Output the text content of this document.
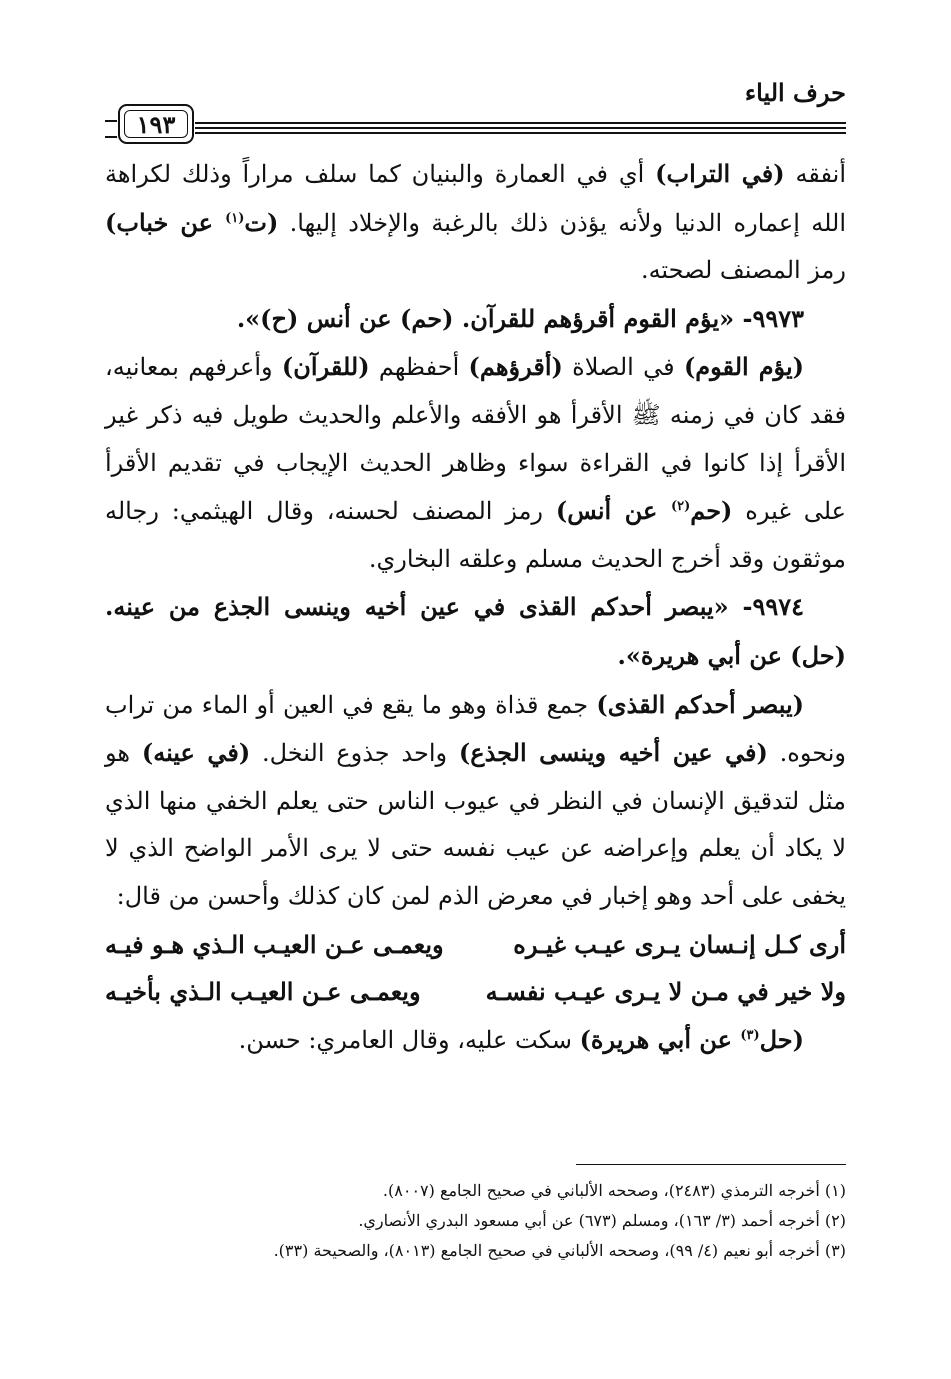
حرف الياء
١٩٣

أنفقه (في التراب) أي في العمارة والبنيان كما سلف مراراً وذلك لكراهة الله إعماره الدنيا ولأنه يؤذن ذلك بالرغبة والإخلاد إليها. (ت$^{(١)}$ عن خباب) رمز المصنف لصحته.

٩٩٧٣- «يؤم القوم أقرؤهم للقرآن. (حم) عن أنس (ح)».

(يؤم القوم) في الصلاة (أقرؤهم) أحفظهم (للقرآن) وأعرفهم بمعانيه، فقد كان في زمنه ﷺ الأقرأ هو الأفقه والأعلم والحديث طويل فيه ذكر غير الأقرأ إذا كانوا في القراءة سواء وظاهر الحديث الإيجاب في تقديم الأقرأ على غيره (حم$^{(٢)}$ عن أنس) رمز المصنف لحسنه، وقال الهيثمي: رجاله موثقون وقد أخرج الحديث مسلم وعلقه البخاري.

٩٩٧٤- «يبصر أحدكم القذى في عين أخيه وينسى الجذع من عينه. (حل) عن أبي هريرة».

(يبصر أحدكم القذى) جمع قذاة وهو ما يقع في العين أو الماء من تراب ونحوه. (في عين أخيه وينسى الجذع) واحد جذوع النخل. (في عينه) هو مثل لتدقيق الإنسان في النظر في عيوب الناس حتى يعلم الخفي منها الذي لا يكاد أن يعلم وإعراضه عن عيب نفسه حتى لا يرى الأمر الواضح الذي لا يخفى على أحد وهو إخبار في معرض الذم لمن كان كذلك وأحسن من قال:

أرى كـل إنـسان يـرى عيـب غيـره
ويعمـى عـن العيـب الـذي هـو فيـه
ولا خير في مـن لا يـرى عيـب نفسـه
ويعمـى عـن العيـب الـذي بأخيـه

(حل$^{(٣)}$ عن أبي هريرة) سكت عليه، وقال العامري: حسن.

(١) أخرجه الترمذي (٢٤٨٣)، وصححه الألباني في صحيح الجامع (٨٠٠٧).

(٢) أخرجه أحمد (٣/ ١٦٣)، ومسلم (٦٧٣) عن أبي مسعود البدري الأنصاري.

(٣) أخرجه أبو نعيم (٤/ ٩٩)، وصححه الألباني في صحيح الجامع (٨٠١٣)، والصحيحة (٣٣).
